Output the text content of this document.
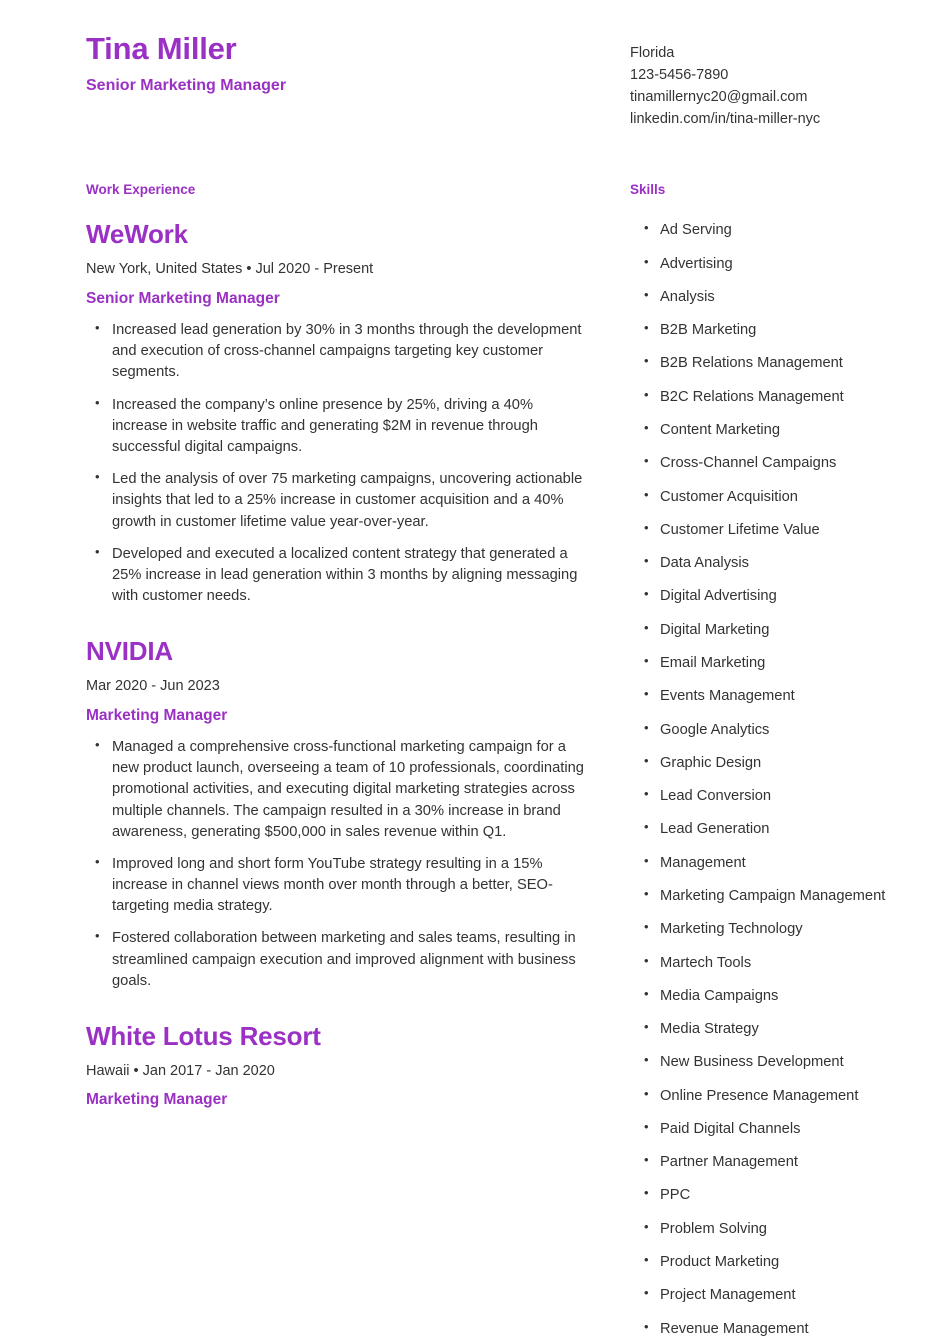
Tina Miller
Senior Marketing Manager
Florida
123-5456-7890
tinamillernyc20@gmail.com
linkedin.com/in/tina-miller-nyc
Work Experience
WeWork
New York, United States • Jul 2020 - Present
Senior Marketing Manager
• Increased lead generation by 30% in 3 months through the development and execution of cross-channel campaigns targeting key customer segments.
• Increased the company’s online presence by 25%, driving a 40% increase in website traffic and generating $2M in revenue through successful digital campaigns.
• Led the analysis of over 75 marketing campaigns, uncovering actionable insights that led to a 25% increase in customer acquisition and a 40% growth in customer lifetime value year-over-year.
• Developed and executed a localized content strategy that generated a 25% increase in lead generation within 3 months by aligning messaging with customer needs.
NVIDIA
Mar 2020 - Jun 2023
Marketing Manager
• Managed a comprehensive cross-functional marketing campaign for a new product launch, overseeing a team of 10 professionals, coordinating promotional activities, and executing digital marketing strategies across multiple channels. The campaign resulted in a 30% increase in brand awareness, generating $500,000 in sales revenue within Q1.
• Improved long and short form YouTube strategy resulting in a 15% increase in channel views month over month through a better, SEO-targeting media strategy.
• Fostered collaboration between marketing and sales teams, resulting in streamlined campaign execution and improved alignment with business goals.
White Lotus Resort
Hawaii • Jan 2017 - Jan 2020
Marketing Manager
Skills
• Ad Serving
• Advertising
• Analysis
• B2B Marketing
• B2B Relations Management
• B2C Relations Management
• Content Marketing
• Cross-Channel Campaigns
• Customer Acquisition
• Customer Lifetime Value
• Data Analysis
• Digital Advertising
• Digital Marketing
• Email Marketing
• Events Management
• Google Analytics
• Graphic Design
• Lead Conversion
• Lead Generation
• Management
• Marketing Campaign Management
• Marketing Technology
• Martech Tools
• Media Campaigns
• Media Strategy
• New Business Development
• Online Presence Management
• Paid Digital Channels
• Partner Management
• PPC
• Problem Solving
• Product Marketing
• Project Management
• Revenue Management
